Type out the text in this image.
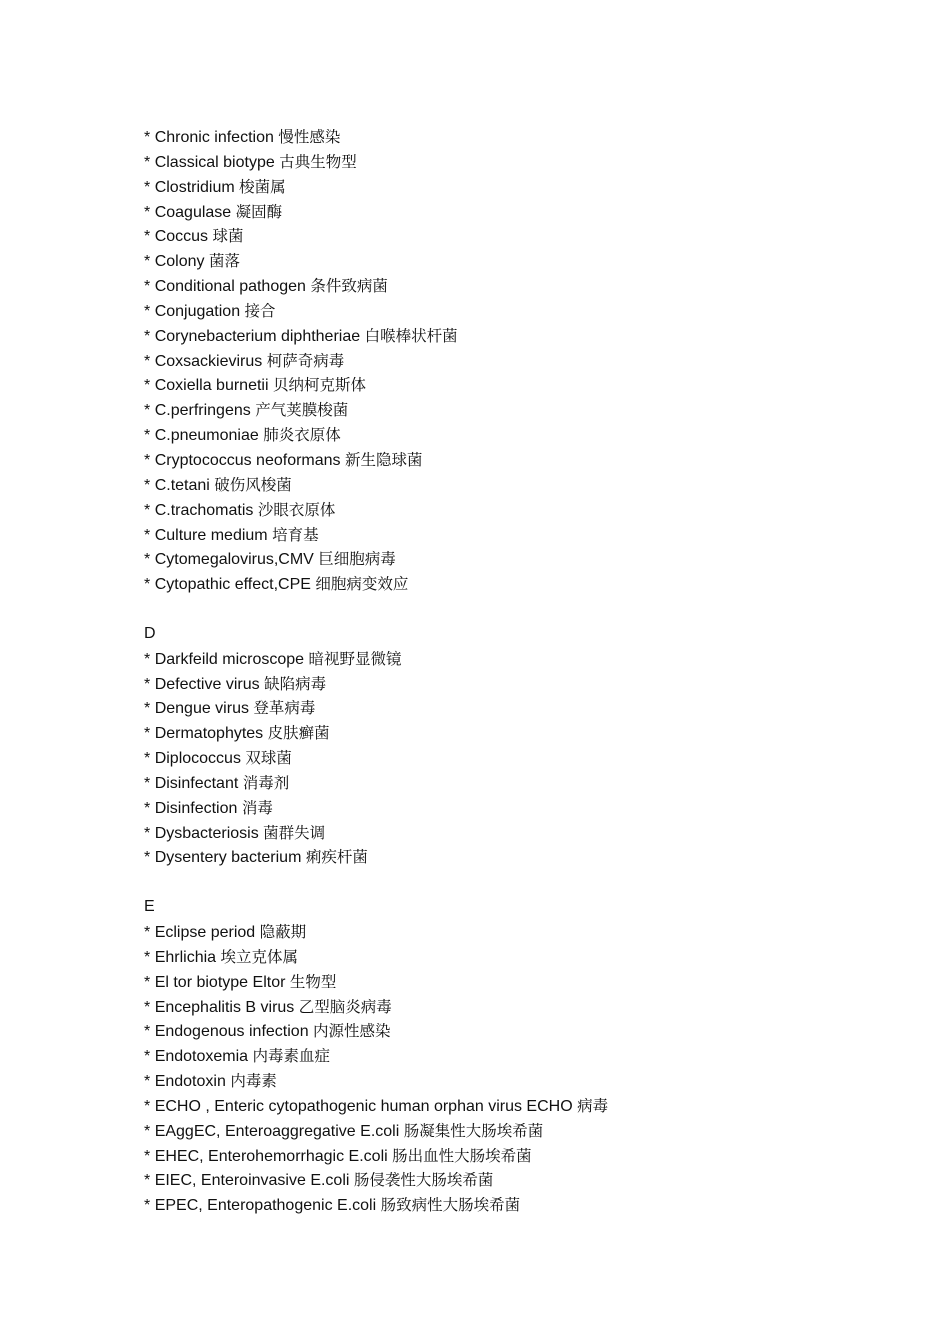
* Chronic infection 慢性感染
* Classical biotype 古典生物型
* Clostridium 梭菌属
* Coagulase 凝固酶
* Coccus 球菌
* Colony 菌落
* Conditional pathogen 条件致病菌
* Conjugation 接合
* Corynebacterium diphtheriae 白喉棒状杆菌
* Coxsackievirus 柯萨奇病毒
* Coxiella burnetii 贝纳柯克斯体
* C.perfringens 产气荚膜梭菌
* C.pneumoniae 肺炎衣原体
* Cryptococcus neoformans 新生隐球菌
* C.tetani 破伤风梭菌
* C.trachomatis 沙眼衣原体
* Culture medium 培育基
* Cytomegalovirus,CMV 巨细胞病毒
* Cytopathic effect,CPE 细胞病变效应
D
* Darkfeild microscope 暗视野显微镜
* Defective virus 缺陷病毒
* Dengue virus 登革病毒
* Dermatophytes 皮肤癣菌
* Diplococcus 双球菌
* Disinfectant 消毒剂
* Disinfection 消毒
* Dysbacteriosis 菌群失调
* Dysentery bacterium 痢疾杆菌
E
* Eclipse period 隐蔽期
* Ehrlichia 埃立克体属
* El tor biotype Eltor 生物型
* Encephalitis B virus 乙型脑炎病毒
* Endogenous infection 内源性感染
* Endotoxemia 内毒素血症
* Endotoxin 内毒素
* ECHO , Enteric cytopathogenic human orphan virus ECHO 病毒
* EAggEC, Enteroaggregative E.coli 肠凝集性大肠埃希菌
* EHEC, Enterohemorrhagic E.coli 肠出血性大肠埃希菌
* EIEC, Enteroinvasive E.coli 肠侵袭性大肠埃希菌
* EPEC, Enteropathogenic E.coli 肠致病性大肠埃希菌
